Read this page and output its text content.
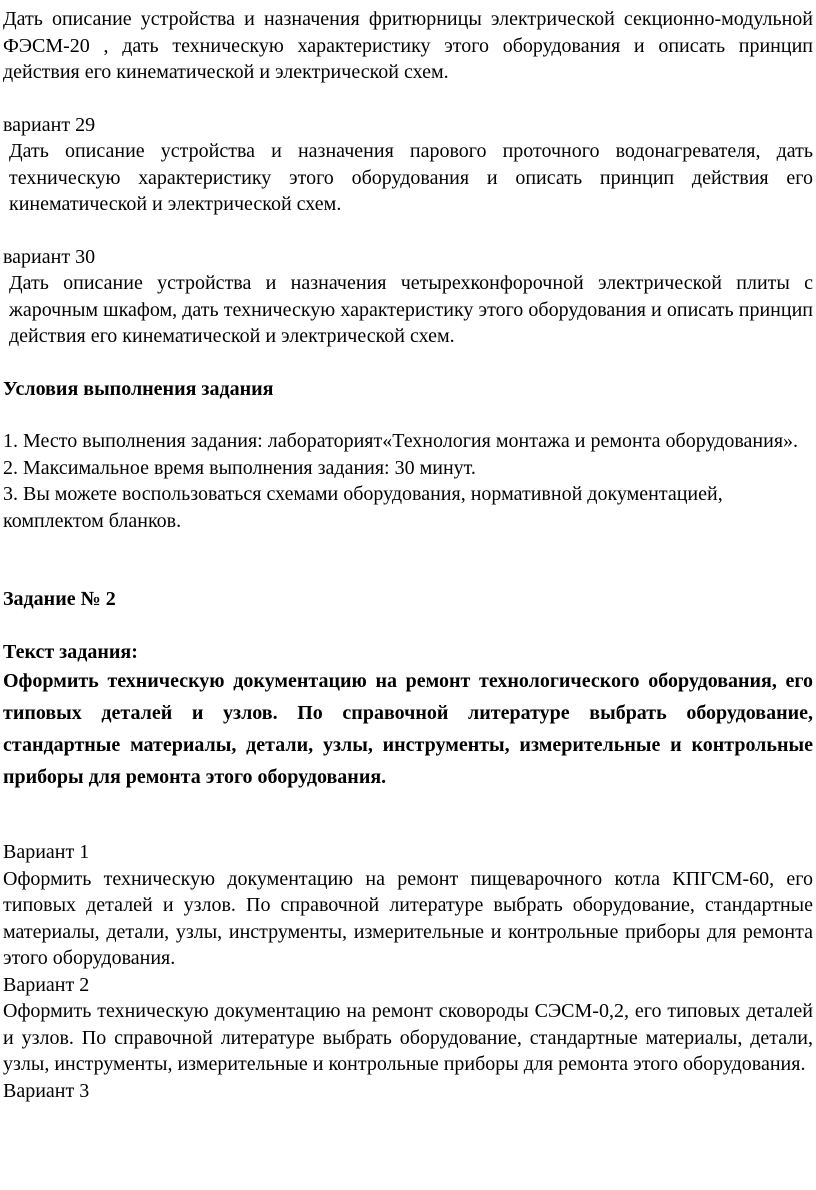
Дать описание устройства и назначения фритюрницы электрической секционно-модульной ФЭСМ-20 , дать техническую характеристику этого оборудования и описать принцип действия его кинематической и электрической схем.

вариант 29

Дать описание устройства и назначения парового проточного водонагревателя, дать техническую характеристику этого оборудования и описать принцип действия его кинематической и электрической схем.

вариант 30

Дать описание устройства и назначения четырехконфорочной электрической плиты с жарочным шкафом, дать техническую характеристику этого оборудования и описать принцип действия его кинематической и электрической схем.

Условия выполнения задания

1. Место выполнения задания: лабораторият«Технология монтажа и ремонта оборудования».

2. Максимальное время выполнения задания: 30 минут.

3. Вы можете воспользоваться схемами оборудования, нормативной документацией, комплектом бланков.

Задание № 2

Текст задания:

Оформить техническую документацию на ремонт технологического оборудования, его типовых деталей и узлов. По справочной литературе выбрать оборудование, стандартные материалы, детали, узлы, инструменты, измерительные и контрольные приборы для ремонта этого оборудования.

Вариант 1

Оформить техническую документацию на ремонт пищеварочного котла КПГСМ-60, его типовых деталей и узлов. По справочной литературе выбрать оборудование, стандартные материалы, детали, узлы, инструменты, измерительные и контрольные приборы для ремонта этого оборудования.

Вариант 2

Оформить техническую документацию на ремонт сковороды СЭСМ-0,2, его типовых деталей и узлов. По справочной литературе выбрать оборудование, стандартные материалы, детали, узлы, инструменты, измерительные и контрольные приборы для ремонта этого оборудования.

Вариант 3
